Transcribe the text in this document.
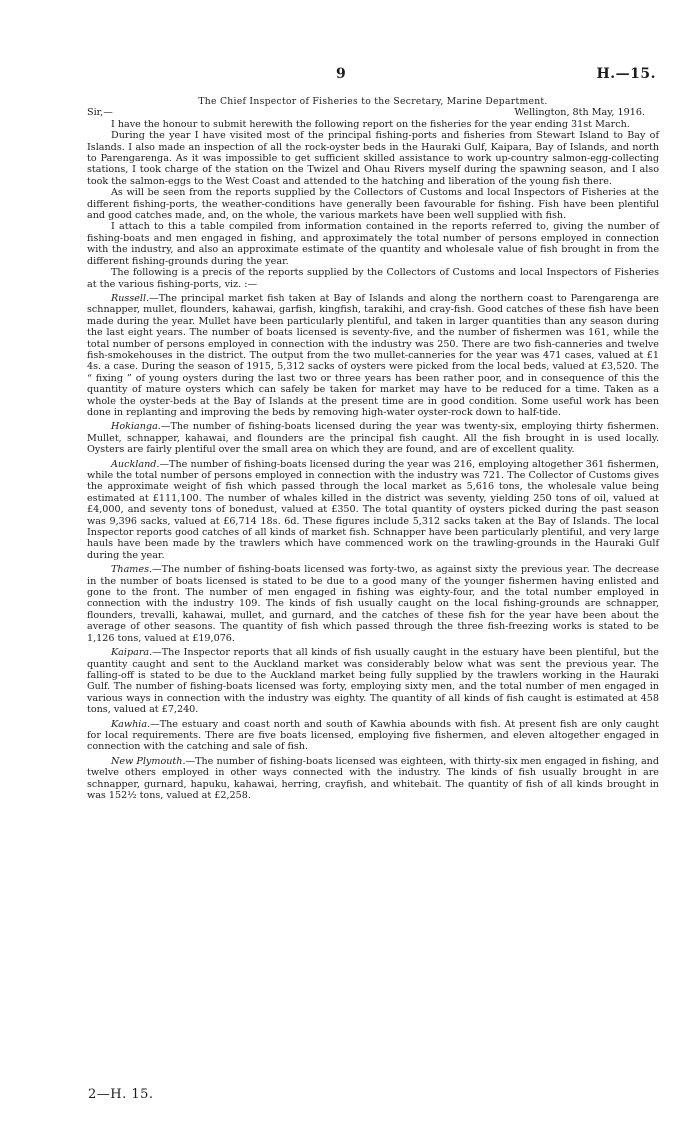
9	H.—15.
The Chief Inspector of Fisheries to the Secretary, Marine Department.
Sir,—	Wellington, 8th May, 1916.

I have the honour to submit herewith the following report on the fisheries for the year ending 31st March.

During the year I have visited most of the principal fishing-ports and fisheries from Stewart Island to Bay of Islands. I also made an inspection of all the rock-oyster beds in the Hauraki Gulf, Kaipara, Bay of Islands, and north to Parengarenga. As it was impossible to get sufficient skilled assistance to work up-country salmon-egg-collecting stations, I took charge of the station on the Twizel and Ohau Rivers myself during the spawning season, and I also took the salmon-eggs to the West Coast and attended to the hatching and liberation of the young fish there.

As will be seen from the reports supplied by the Collectors of Customs and local Inspectors of Fisheries at the different fishing-ports, the weather-conditions have generally been favourable for fishing. Fish have been plentiful and good catches made, and, on the whole, the various markets have been well supplied with fish.

I attach to this a table compiled from information contained in the reports referred to, giving the number of fishing-boats and men engaged in fishing, and approximately the total number of persons employed in connection with the industry, and also an approximate estimate of the quantity and wholesale value of fish brought in from the different fishing-grounds during the year.

The following is a precis of the reports supplied by the Collectors of Customs and local Inspectors of Fisheries at the various fishing-ports, viz. :—

Russell.—The principal market fish taken at Bay of Islands and along the northern coast to Parengarenga are schnapper, mullet, flounders, kahawai, garfish, kingfish, tarakihi, and cray-fish. Good catches of these fish have been made during the year. Mullet have been particularly plentiful, and taken in larger quantities than any season during the last eight years. The number of boats licensed is seventy-five, and the number of fishermen was 161, while the total number of persons employed in connection with the industry was 250. There are two fish-canneries and twelve fish-smokehouses in the district. The output from the two mullet-canneries for the year was 471 cases, valued at £1 4s. a case. During the season of 1915, 5,312 sacks of oysters were picked from the local beds, valued at £3,520. The “ fixing ” of young oysters during the last two or three years has been rather poor, and in consequence of this the quantity of mature oysters which can safely be taken for market may have to be reduced for a time. Taken as a whole the oyster-beds at the Bay of Islands at the present time are in good condition. Some useful work has been done in replanting and improving the beds by removing high-water oyster-rock down to half-tide.

Hokianga.—The number of fishing-boats licensed during the year was twenty-six, employing thirty fishermen. Mullet, schnapper, kahawai, and flounders are the principal fish caught. All the fish brought in is used locally. Oysters are fairly plentiful over the small area on which they are found, and are of excellent quality.

Auckland.—The number of fishing-boats licensed during the year was 216, employing altogether 361 fishermen, while the total number of persons employed in connection with the industry was 721. The Collector of Customs gives the approximate weight of fish which passed through the local market as 5,616 tons, the wholesale value being estimated at £111,100. The number of whales killed in the district was seventy, yielding 250 tons of oil, valued at £4,000, and seventy tons of bonedust, valued at £350. The total quantity of oysters picked during the past season was 9,396 sacks, valued at £6,714 18s. 6d. These figures include 5,312 sacks taken at the Bay of Islands. The local Inspector reports good catches of all kinds of market fish. Schnapper have been particularly plentiful, and very large hauls have been made by the trawlers which have commenced work on the trawling-grounds in the Hauraki Gulf during the year.

Thames.—The number of fishing-boats licensed was forty-two, as against sixty the previous year. The decrease in the number of boats licensed is stated to be due to a good many of the younger fishermen having enlisted and gone to the front. The number of men engaged in fishing was eighty-four, and the total number employed in connection with the industry 109. The kinds of fish usually caught on the local fishing-grounds are schnapper, flounders, trevalli, kahawai, mullet, and gurnard, and the catches of these fish for the year have been about the average of other seasons. The quantity of fish which passed through the three fish-freezing works is stated to be 1,126 tons, valued at £19,076.

Kaipara.—The Inspector reports that all kinds of fish usually caught in the estuary have been plentiful, but the quantity caught and sent to the Auckland market was considerably below what was sent the previous year. The falling-off is stated to be due to the Auckland market being fully supplied by the trawlers working in the Hauraki Gulf. The number of fishing-boats licensed was forty, employing sixty men, and the total number of men engaged in various ways in connection with the industry was eighty. The quantity of all kinds of fish caught is estimated at 458 tons, valued at £7,240.

Kawhia.—The estuary and coast north and south of Kawhia abounds with fish. At present fish are only caught for local requirements. There are five boats licensed, employing five fishermen, and eleven altogether engaged in connection with the catching and sale of fish.

New Plymouth.—The number of fishing-boats licensed was eighteen, with thirty-six men engaged in fishing, and twelve others employed in other ways connected with the industry. The kinds of fish usually brought in are schnapper, gurnard, hapuku, kahawai, herring, crayfish, and whitebait. The quantity of fish of all kinds brought in was 152½ tons, valued at £2,258.

2—H. 15.
